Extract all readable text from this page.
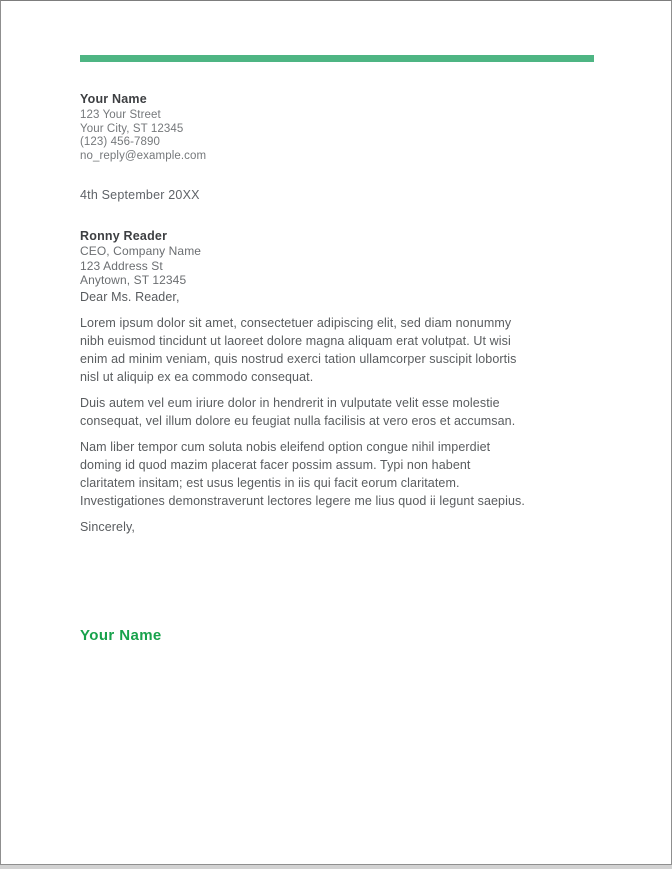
Your Name
123 Your Street
Your City, ST 12345
(123) 456-7890
no_reply@example.com
4th September 20XX
Ronny Reader
CEO, Company Name
123 Address St
Anytown, ST 12345

Dear Ms. Reader,

Lorem ipsum dolor sit amet, consectetuer adipiscing elit, sed diam nonummy nibh euismod tincidunt ut laoreet dolore magna aliquam erat volutpat. Ut wisi enim ad minim veniam, quis nostrud exerci tation ullamcorper suscipit lobortis nisl ut aliquip ex ea commodo consequat.

Duis autem vel eum iriure dolor in hendrerit in vulputate velit esse molestie consequat, vel illum dolore eu feugiat nulla facilisis at vero eros et accumsan.

Nam liber tempor cum soluta nobis eleifend option congue nihil imperdiet doming id quod mazim placerat facer possim assum. Typi non habent claritatem insitam; est usus legentis in iis qui facit eorum claritatem. Investigationes demonstraverunt lectores legere me lius quod ii legunt saepius.

Sincerely,

Your Name
